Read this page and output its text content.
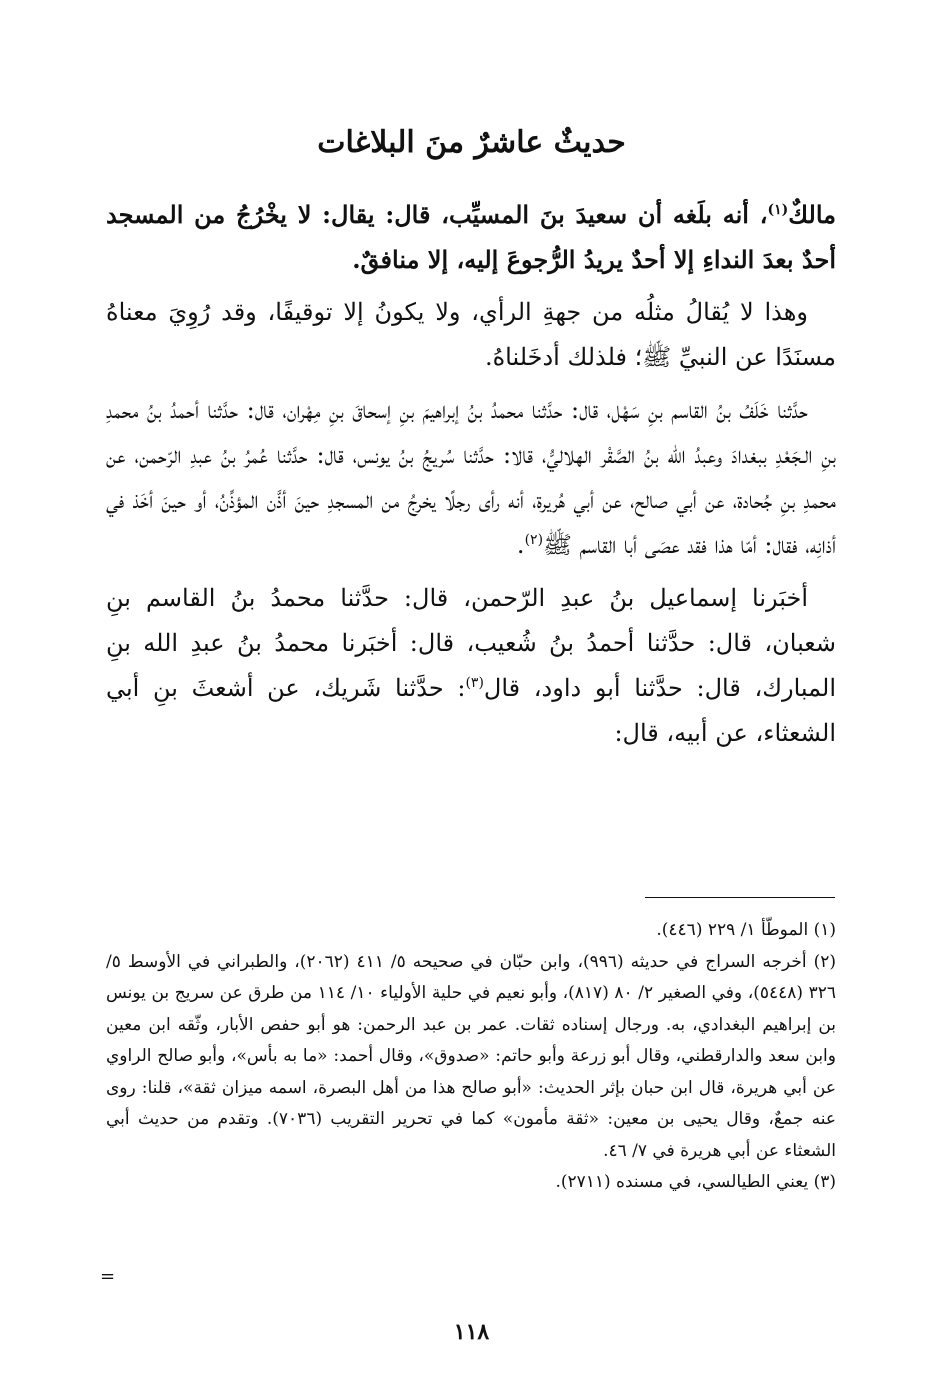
حديثٌ عاشرٌ منَ البلاغات

مالكٌ$^{(١)}$، أنه بلَغه أن سعيدَ بنَ المسيِّب، قال: يقال: لا يخْرُجُ من المسجد أحدٌ بعدَ النداءِ إلا أحدٌ يريدُ الرُّجوعَ إليه، إلا منافقٌ.

وهذا لا يُقالُ مثلُه من جهةِ الرأي، ولا يكونُ إلا توقيفًا، وقد رُوِيَ معناهُ مسنَدًا عن النبيِّ ﷺ؛ فلذلك أدخَلناهُ.

حدَّثنا خَلَفُ بنُ القاسم بنِ سَهْل، قال: حدَّثنا محمدُ بنُ إبراهيمَ بنِ إسحاقَ بنِ مِهْران، قال: حدَّثنا أحمدُ بنُ محمدِ بنِ الـجَعْدِ ببغدادَ وعبدُ الله بنُ الصَّقْر الهلاليُّ، قالا: حدَّثنا سُريجُ بنُ يونس، قال: حدَّثنا عُمرُ بنُ عبدِ الرّحمن، عن محمدِ بنِ جُحادة، عن أبي صالح، عن أبي هُريرة، أنه رأى رجلًا يخرجُ من المسجدِ حينَ أذَّن المؤذِّنُ، أو حينَ أخَذ في أذانِه، فقال: أمّا هذا فقد عصَى أبا القاسم ﷺ$^{(٢)}$.

أخبَرنا إسماعيل بنُ عبدِ الرّحمن، قال: حدَّثنا محمدُ بنُ القاسم بنِ شعبان، قال: حدَّثنا أحمدُ بنُ شُعيب، قال: أخبَرنا محمدُ بنُ عبدِ الله بنِ المبارك، قال: حدَّثنا أبو داود، قال$^{(٣)}$: حدَّثنا شَريك، عن أشعثَ بنِ أبي الشعثاء، عن أبيه، قال:

(١) الموطّأ ١/ ٢٢٩ (٤٤٦).

(٢) أخرجه السراج في حديثه (٩٩٦)، وابن حبّان في صحيحه ٥/ ٤١١ (٢٠٦٢)، والطبراني في الأوسط ٥/ ٣٢٦ (٥٤٤٨)، وفي الصغير ٢/ ٨٠ (٨١٧)، وأبو نعيم في حلية الأولياء ١٠/ ١١٤ من طرق عن سريج بن يونس بن إبراهيم البغدادي، به. ورجال إسناده ثقات. عمر بن عبد الرحمن: هو أبو حفص الأبار، وثّقه ابن معين وابن سعد والدارقطني، وقال أبو زرعة وأبو حاتم: «صدوق»، وقال أحمد: «ما به بأس»، وأبو صالح الراوي عن أبي هريرة، قال ابن حبان بإثر الحديث: «أبو صالح هذا من أهل البصرة، اسمه ميزان ثقة»، قلنا: روى عنه جمعٌ، وقال يحيى بن معين: «ثقة مأمون» كما في تحرير التقريب (٧٠٣٦). وتقدم من حديث أبي الشعثاء عن أبي هريرة في ٧/ ٤٦.

(٣) يعني الطيالسي، في مسنده (٢٧١١).

=
١١٨
